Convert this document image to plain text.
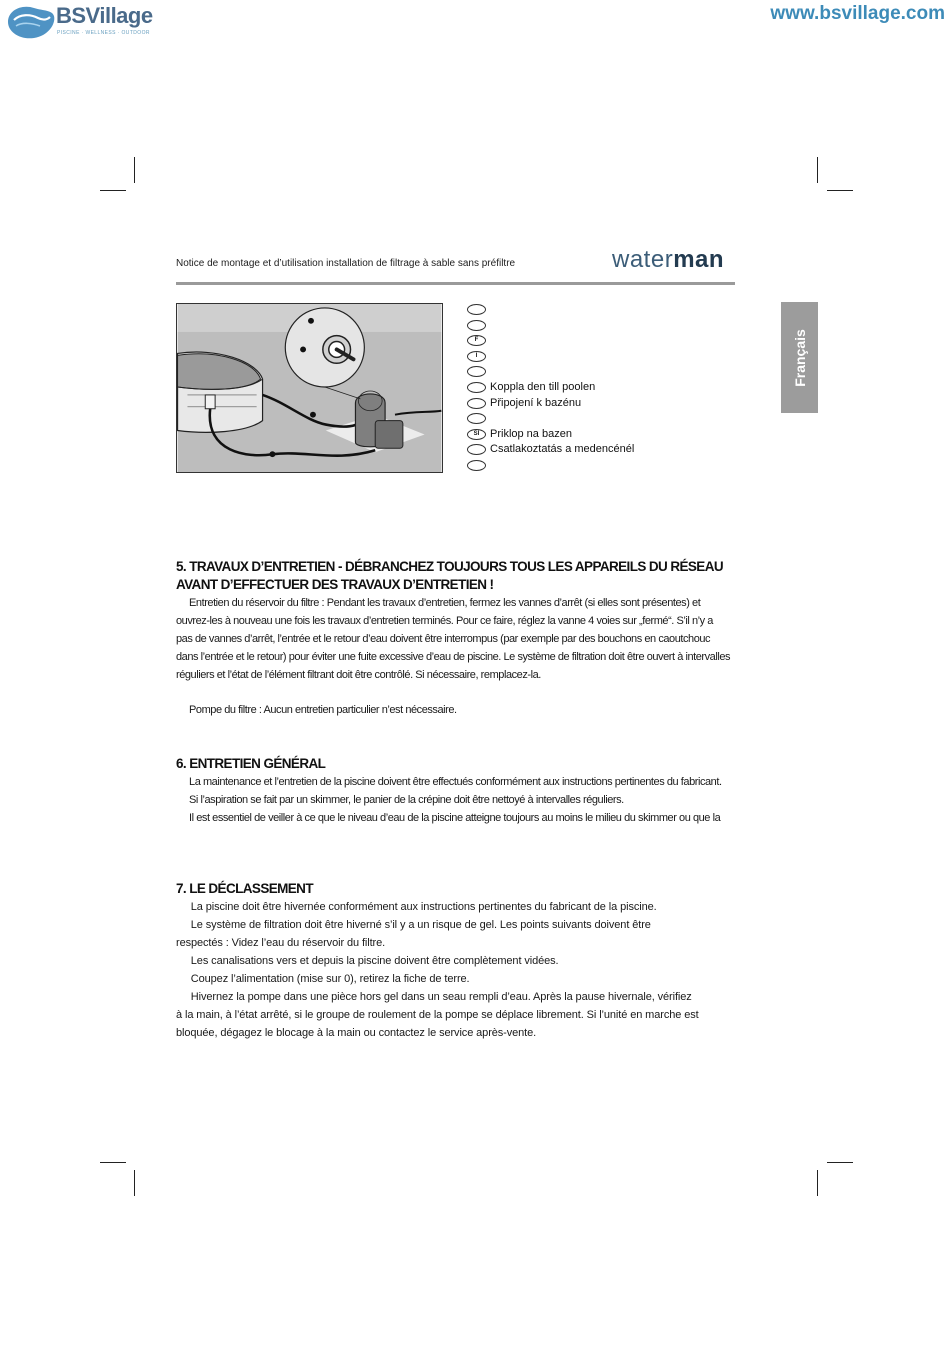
BSVillage
PISCINE · WELLNESS · OUTDOOR
www.bsvillage.com
Notice de montage et d’utilisation installation de filtrage à sable sans préfiltre	waterman
Français
F
I
Koppla den till poolen
Připojení k bazénu
SI Priklop na bazen
Csatlakoztatás a medencénél
5. TRAVAUX D’ENTRETIEN - DÉBRANCHEZ TOUJOURS TOUS LES APPAREILS DU RÉSEAU
AVANT D’EFFECTUER DES TRAVAUX D’ENTRETIEN !
Entretien du réservoir du filtre : Pendant les travaux d’entretien, fermez les vannes d’arrêt (si elles sont présentes) et
ouvrez-les à nouveau une fois les travaux d’entretien terminés. Pour ce faire, réglez la vanne 4 voies sur „fermé“. S’il n’y a
pas de vannes d’arrêt, l’entrée et le retour d’eau doivent être interrompus (par exemple par des bouchons en caoutchouc
dans l’entrée et le retour) pour éviter une fuite excessive d’eau de piscine. Le système de filtration doit être ouvert à intervalles
réguliers et l’état de l’élément filtrant doit être contrôlé. Si nécessaire, remplacez-la.
Pompe du filtre : Aucun entretien particulier n’est nécessaire.
6. ENTRETIEN GÉNÉRAL
La maintenance et l’entretien de la piscine doivent être effectués conformément aux instructions pertinentes du fabricant.
Si l’aspiration se fait par un skimmer, le panier de la crépine doit être nettoyé à intervalles réguliers.
Il est essentiel de veiller à ce que le niveau d’eau de la piscine atteigne toujours au moins le milieu du skimmer ou que la
7. LE DÉCLASSEMENT
La piscine doit être hivernée conformément aux instructions pertinentes du fabricant de la piscine.
Le système de filtration doit être hiverné s’il y a un risque de gel. Les points suivants doivent être
respectés : Videz l’eau du réservoir du filtre.
Les canalisations vers et depuis la piscine doivent être complètement vidées.
Coupez l’alimentation (mise sur 0), retirez la fiche de terre.
Hivernez la pompe dans une pièce hors gel dans un seau rempli d’eau. Après la pause hivernale, vérifiez
à la main, à l’état arrêté, si le groupe de roulement de la pompe se déplace librement. Si l’unité en marche est
bloquée, dégagez le blocage à la main ou contactez le service après-vente.
